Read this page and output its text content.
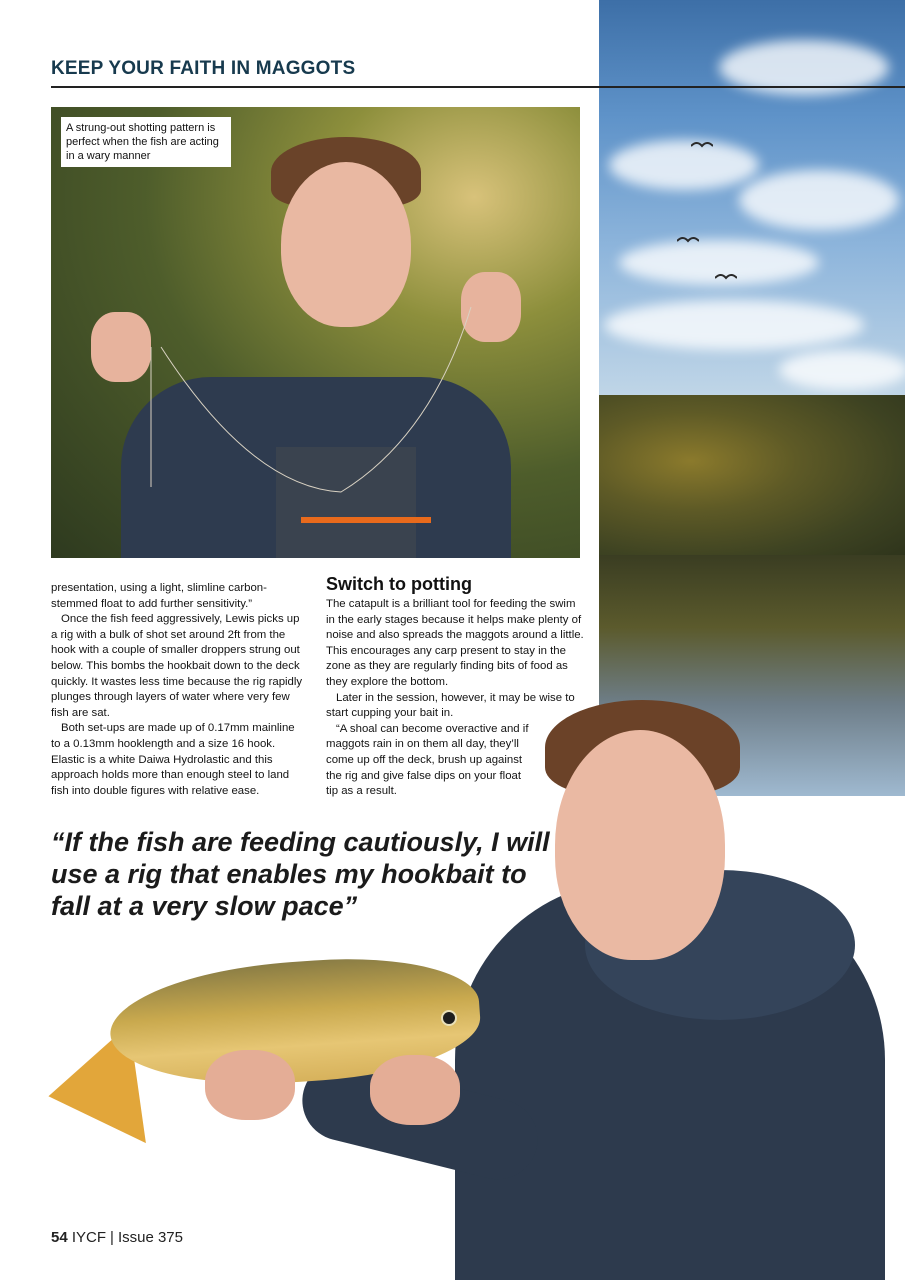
KEEP YOUR FAITH IN MAGGOTS
A strung-out shotting pattern is perfect when the fish are acting in a wary manner

presentation, using a light, slimline carbon-stemmed float to add further sensitivity.”

Once the fish feed aggressively, Lewis picks up a rig with a bulk of shot set around 2ft from the hook with a couple of smaller droppers strung out below. This bombs the hookbait down to the deck quickly. It wastes less time because the rig rapidly plunges through layers of water where very few fish are sat.

Both set-ups are made up of 0.17mm mainline to a 0.13mm hooklength and a size 16 hook. Elastic is a white Daiwa Hydrolastic and this approach holds more than enough steel to land fish into double figures with relative ease.

Switch to potting

The catapult is a brilliant tool for feeding the swim in the early stages because it helps make plenty of noise and also spreads the maggots around a little. This encourages any carp present to stay in the zone as they are regularly finding bits of food as they explore the bottom.

Later in the session, however, it may be wise to start cupping your bait in.

“A shoal can become overactive and if maggots rain in on them all day, they’ll come up off the deck, brush up against the rig and give false dips on your float tip as a result.

“If the fish are feeding cautiously, I will use a rig that enables my hookbait to fall at a very slow pace”
54 IYCF | Issue 375
